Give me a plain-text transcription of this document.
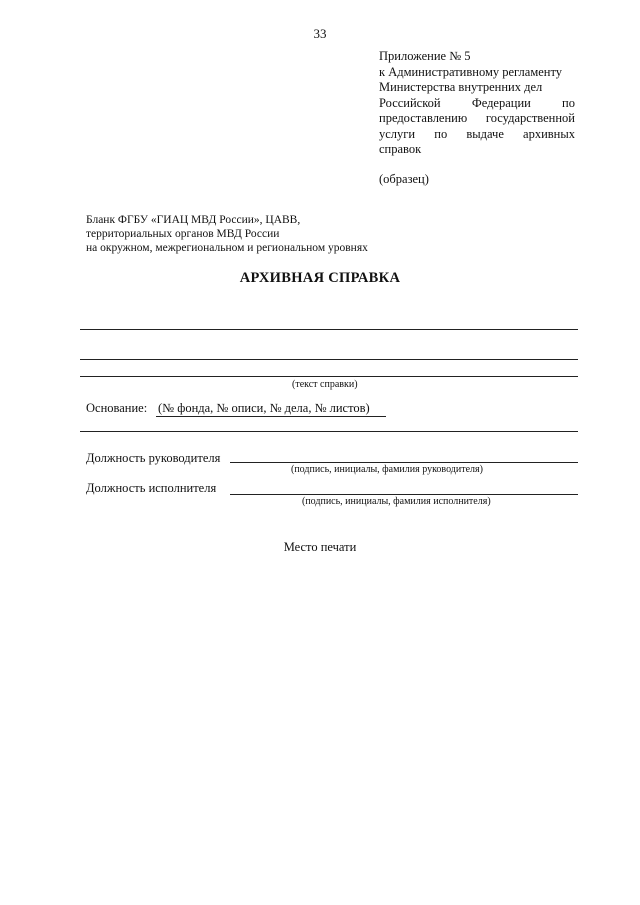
33
Приложение № 5
к Административному регламенту
Министерства внутренних дел
Российской Федерации по
предоставлению государственной
услуги по выдаче архивных
справок
(образец)
Бланк ФГБУ «ГИАЦ МВД России», ЦАВВ,
территориальных органов МВД России
на окружном, межрегиональном и региональном уровнях
АРХИВНАЯ СПРАВКА
(текст справки)
Основание: (№ фонда, № описи, № дела, № листов)
Должность руководителя
(подпись, инициалы, фамилия руководителя)
Должность исполнителя
(подпись, инициалы, фамилия исполнителя)
Место печати
